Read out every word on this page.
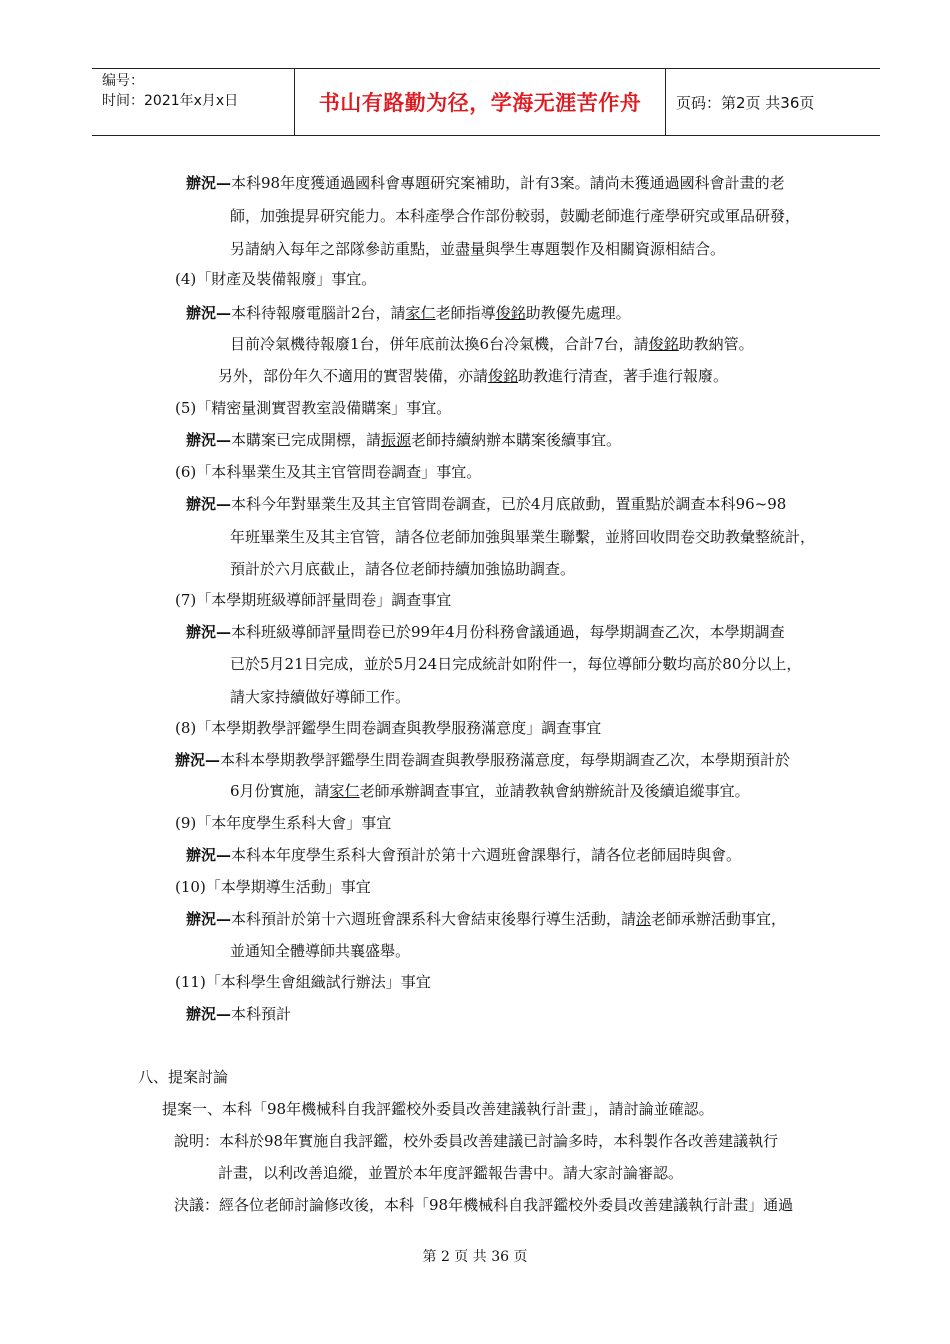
编号：
时间：2021年x月x日	书山有路勤为径，学海无涯苦作舟 页码：第2页 共36页
辦況—本科98年度獲通過國科會專題研究案補助，計有3案。請尚未獲通過國科會計畫的老
師，加強提昇研究能力。本科產學合作部份較弱，鼓勵老師進行產學研究或軍品研發，
另請納入每年之部隊參訪重點，並盡量與學生專題製作及相關資源相結合。
(4)「財產及裝備報廢」事宜。
辦況—本科待報廢電腦計2台，請家仁老師指導俊銘助教優先處理。
目前冷氣機待報廢1台，併年底前汰換6台冷氣機，合計7台，請俊銘助教納管。
另外，部份年久不適用的實習裝備，亦請俊銘助教進行清查，著手進行報廢。
(5)「精密量測實習教室設備購案」事宜。
辦況—本購案已完成開標，請振源老師持續納辦本購案後續事宜。
(6)「本科畢業生及其主官管問卷調查」事宜。
辦況—本科今年對畢業生及其主官管問卷調查，已於4月底啟動，置重點於調查本科96~98
年班畢業生及其主官管，請各位老師加強與畢業生聯繫，並將回收問卷交助教彙整統計，
預計於六月底截止，請各位老師持續加強協助調查。
(7)「本學期班級導師評量問卷」調查事宜
辦況—本科班級導師評量問卷已於99年4月份科務會議通過，每學期調查乙次，本學期調查
已於5月21日完成，並於5月24日完成統計如附件一，每位導師分數均高於80分以上，
請大家持續做好導師工作。
(8)「本學期教學評鑑學生問卷調查與教學服務滿意度」調查事宜
辦況—本科本學期教學評鑑學生問卷調查與教學服務滿意度，每學期調查乙次，本學期預計於
6月份實施，請家仁老師承辦調查事宜，並請教執會納辦統計及後續追縱事宜。
(9)「本年度學生系科大會」事宜
辦況—本科本年度學生系科大會預計於第十六週班會課舉行，請各位老師屆時與會。
(10)「本學期導生活動」事宜
辦況—本科預計於第十六週班會課系科大會結束後舉行導生活動，請涂老師承辦活動事宜，
並通知全體導師共襄盛舉。
(11)「本科學生會組織試行辦法」事宜
辦況—本科預計
八、提案討論
提案一、本科「98年機械科自我評鑑校外委員改善建議執行計畫」，請討論並確認。
說明：本科於98年實施自我評鑑，校外委員改善建議已討論多時，本科製作各改善建議執行
計畫，以利改善追縱，並置於本年度評鑑報告書中。請大家討論審認。
決議：經各位老師討論修改後，本科「98年機械科自我評鑑校外委員改善建議執行計畫」通過
第 2 页 共 36 页
